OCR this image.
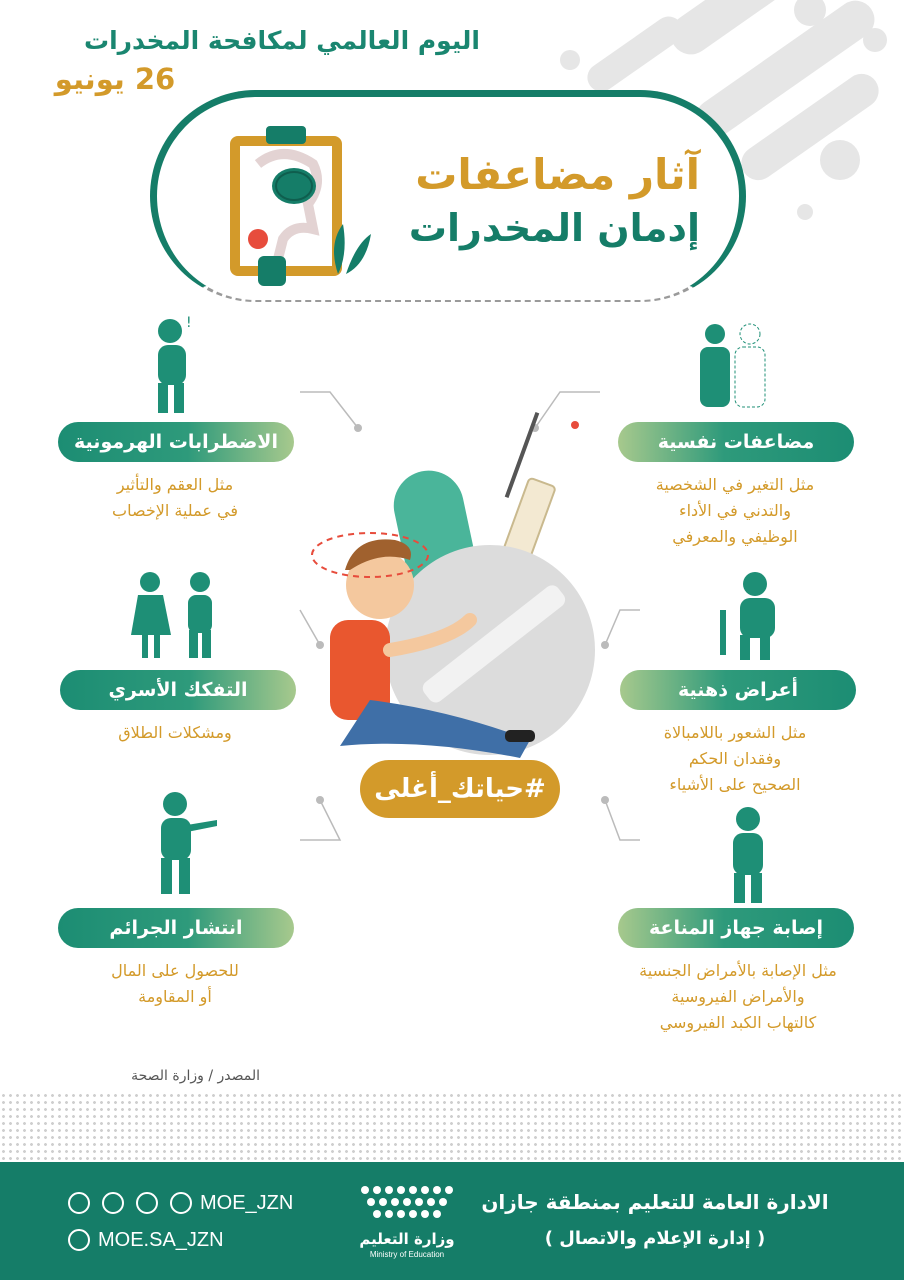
اليوم العالمي لمكافحة المخدرات
26 يونيو
آثار مضاعفات
إدمان المخدرات
مضاعفات نفسية
مثل التغير في الشخصية
والتدني في الأداء
الوظيفي والمعرفي
أعراض ذهنية
مثل الشعور باللامبالاة
وفقدان الحكم
الصحيح على الأشياء
إصابة جهاز المناعة
مثل الإصابة بالأمراض الجنسية
والأمراض الفيروسية
كالتهاب الكبد الفيروسي
!
الاضطرابات الهرمونية
مثل العقم والتأثير
في عملية الإخصاب
التفكك الأسري
ومشكلات الطلاق
انتشار الجرائم
للحصول على المال
أو المقاومة
#حياتك_أغلى
المصدر / وزارة الصحة
الادارة العامة للتعليم بمنطقة جازان
( إدارة الإعلام والاتصال )
وزارة التعليم
Ministry of Education
MOE_JZN
MOE.SA_JZN
